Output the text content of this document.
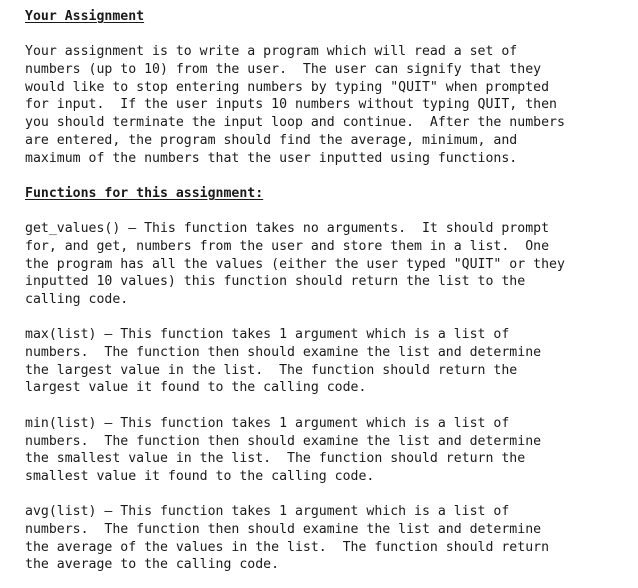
Your Assignment
Your assignment is to write a program which will read a set of
numbers (up to 10) from the user.  The user can signify that they
would like to stop entering numbers by typing "QUIT" when prompted
for input.  If the user inputs 10 numbers without typing QUIT, then
you should terminate the input loop and continue.  After the numbers
are entered, the program should find the average, minimum, and
maximum of the numbers that the user inputted using functions.
Functions for this assignment:
get_values() – This function takes no arguments.  It should prompt
for, and get, numbers from the user and store them in a list.  One
the program has all the values (either the user typed "QUIT" or they
inputted 10 values) this function should return the list to the
calling code.
max(list) – This function takes 1 argument which is a list of
numbers.  The function then should examine the list and determine
the largest value in the list.  The function should return the
largest value it found to the calling code.
min(list) – This function takes 1 argument which is a list of
numbers.  The function then should examine the list and determine
the smallest value in the list.  The function should return the
smallest value it found to the calling code.
avg(list) – This function takes 1 argument which is a list of
numbers.  The function then should examine the list and determine
the average of the values in the list.  The function should return
the average to the calling code.
